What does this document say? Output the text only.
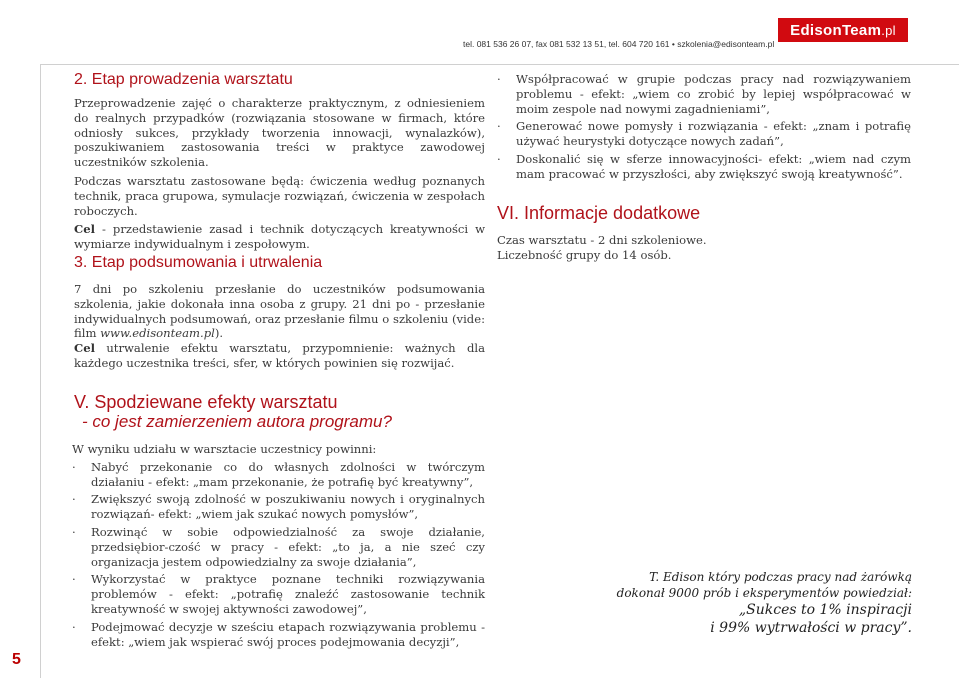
tel. 081 536 26 07, fax 081 532 13 51, tel. 604 720 161 • szkolenia@edisonteam.pl
EdisonTeam .pl
5
2. Etap prowadzenia warsztatu

Przeprowadzenie zajęć o charakterze praktycznym, z odniesieniem do realnych przypadków (rozwiązania stosowane w firmach, które odniosły sukces, przykłady tworzenia innowacji, wynalazków), poszukiwaniem zastosowania treści w praktyce zawodowej uczestników szkolenia.

Podczas warsztatu zastosowane będą: ćwiczenia według poznanych technik, praca grupowa, symulacje rozwiązań, ćwiczenia w zespołach roboczych.

Cel - przedstawienie zasad i technik dotyczących kreatywności w wymiarze indywidualnym i zespołowym.

3. Etap podsumowania i utrwalenia

7 dni po szkoleniu przesłanie do uczestników podsumowania szkolenia, jakie dokonała inna osoba z grupy. 21 dni po - przesłanie indywidualnych podsumowań, oraz przesłanie filmu o szkoleniu (vide: film www.edisonteam.pl).

Cel utrwalenie efektu warsztatu, przypomnienie: ważnych dla każdego uczestnika treści, sfer, w których powinien się rozwijać.

V. Spodziewane efekty warsztatu
- co jest zamierzeniem autora programu?

W wyniku udziału w warsztacie uczestnicy powinni:

· Nabyć przekonanie co do własnych zdolności w twórczym działaniu - efekt: „mam przekonanie, że potrafię być kreatywny”,
· Zwiększyć swoją zdolność w poszukiwaniu nowych i oryginalnych rozwiązań- efekt: „wiem jak szukać nowych pomysłów”,
· Rozwinąć w sobie odpowiedzialność za swoje działanie, przedsiębior-czość w pracy - efekt: „to ja, a nie szeć czy organizacja jestem odpowiedzialny za swoje działania”,
· Wykorzystać w praktyce poznane techniki rozwiązywania problemów - efekt: „potrafię znaleźć zastosowanie technik kreatywność w swojej aktywności zawodowej”,
· Podejmować decyzje w sześciu etapach rozwiązywania problemu - efekt: „wiem jak wspierać swój proces podejmowania decyzji”,
· Współpracować w grupie podczas pracy nad rozwiązywaniem problemu - efekt: „wiem co zrobić by lepiej współpracować w moim zespole nad nowymi zagadnieniami”,
· Generować nowe pomysły i rozwiązania - efekt: „znam i potrafię używać heurystyki dotyczące nowych zadań”,
· Doskonalić się w sferze innowacyjności- efekt: „wiem nad czym mam pracować w przyszłości, aby zwiększyć swoją kreatywność”.
VI. Informacje dodatkowe

Czas warsztatu - 2 dni szkoleniowe.

Liczebność grupy do 14 osób.

T. Edison który podczas pracy nad żarówką
dokonał 9000 prób i eksperymentów powiedział:
„Sukces to 1% inspiracji
i 99% wytrwałości w pracy”.
